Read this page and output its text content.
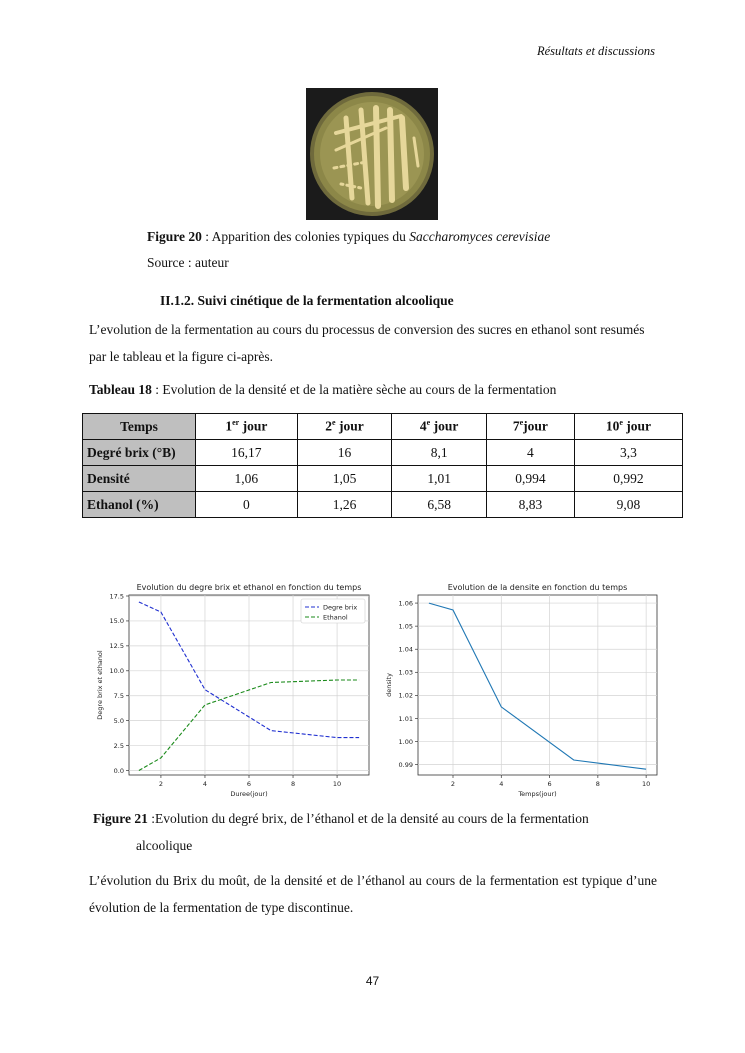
Résultats et discussions
Figure 20 : Apparition des colonies typiques du Saccharomyces cerevisiae
Source : auteur
II.1.2. Suivi cinétique de la fermentation alcoolique
L’evolution de la fermentation au cours du processus de conversion des sucres en ethanol sont resumés par le tableau et la figure ci-après.
Tableau 18 : Evolution de la densité et de la matière sèche au cours de la fermentation
Temps	1er jour	2e jour	4e jour	7ejour	10e jour
Degré brix (°B)	16,17	16	8,1	4	3,3
Densité	1,06	1,05	1,01	0,994	0,992
Ethanol (%)	0	1,26	6,58	8,83	9,08
2	4	6	8	10
0.0
2.5
5.0
7.5
10.0
12.5
15.0
17.5
Evolution du degre brix et ethanol en fonction du temps
Duree(jour)
Degre brix et ethanol
Degre brix
Ethanol
2	4	6	8	10
0.99
1.00
1.01
1.02
1.03
1.04
1.05
1.06
Evolution de la densite en fonction du temps
Temps(jour)
density
Figure 21 :Evolution du degré brix, de l’éthanol et de la densité au cours de la fermentation
alcoolique
L’évolution du Brix du moût, de la densité et de l’éthanol au cours de la fermentation est typique d’une évolution de la fermentation de type discontinue.
47
